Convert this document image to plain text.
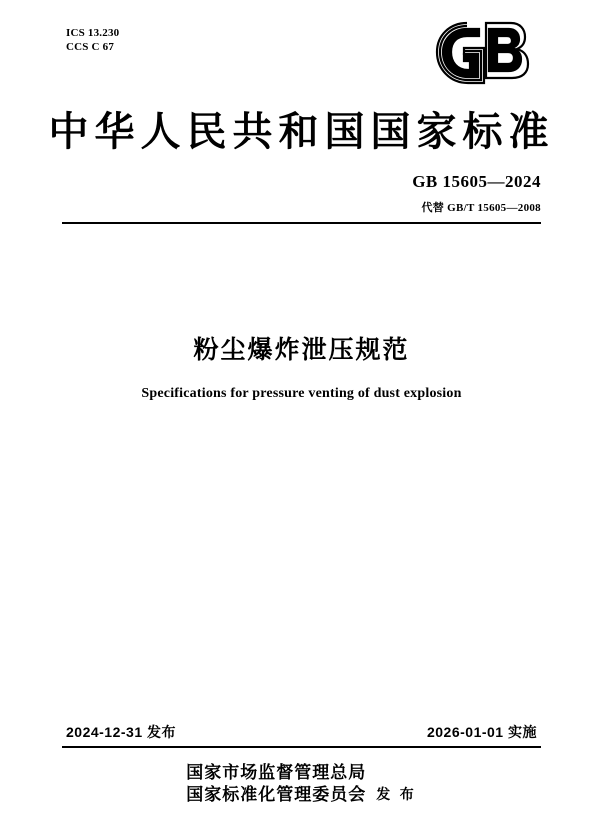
ICS 13.230
CCS C 67
中华人民共和国国家标准
GB 15605—2024
代替 GB/T 15605—2008
粉尘爆炸泄压规范
Specifications for pressure venting of dust explosion
2024-12-31 发布	2026-01-01 实施
国家市场监督管理总局
国家标准化管理委员会 发 布
